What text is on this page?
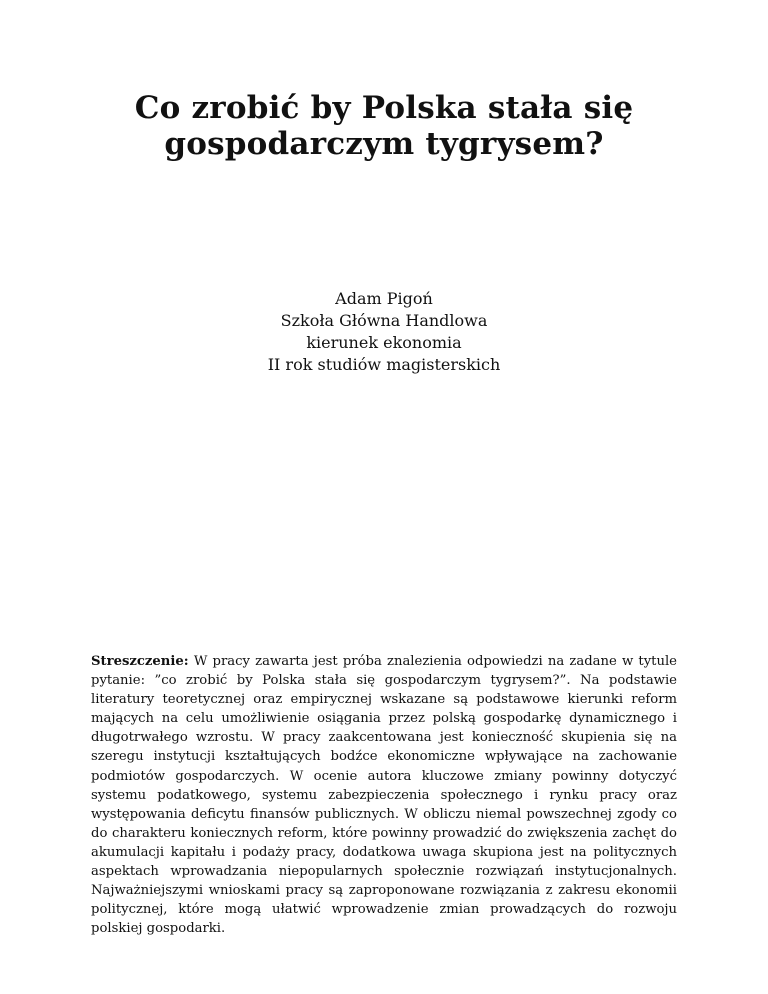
Co zrobić by Polska stała się
gospodarczym tygrysem?
Adam Pigoń
Szkoła Główna Handlowa
kierunek ekonomia
II rok studiów magisterskich

Streszczenie: W pracy zawarta jest próba znalezienia odpowiedzi na zadane w tytule pytanie: ”co zrobić by Polska stała się gospodarczym tygrysem?”. Na podstawie literatury teoretycznej oraz empirycznej wskazane są podstawowe kierunki reform mających na celu umożliwienie osiągania przez polską gospodarkę dynamicznego i długotrwałego wzrostu. W pracy zaakcentowana jest konieczność skupienia się na szeregu instytucji kształtujących bodźce ekonomiczne wpływające na zachowanie podmiotów gospodarczych. W ocenie autora kluczowe zmiany powinny dotyczyć systemu podatkowego, systemu zabezpieczenia społecznego i rynku pracy oraz występowania deficytu finansów publicznych. W obliczu niemal powszechnej zgody co do charakteru koniecznych reform, które powinny prowadzić do zwiększenia zachęt do akumulacji kapitału i podaży pracy, dodatkowa uwaga skupiona jest na politycznych aspektach wprowadzania niepopularnych społecznie rozwiązań instytucjonalnych. Najważniejszymi wnioskami pracy są zaproponowane rozwiązania z zakresu ekonomii politycznej, które mogą ułatwić wprowadzenie zmian prowadzących do rozwoju polskiej gospodarki.
